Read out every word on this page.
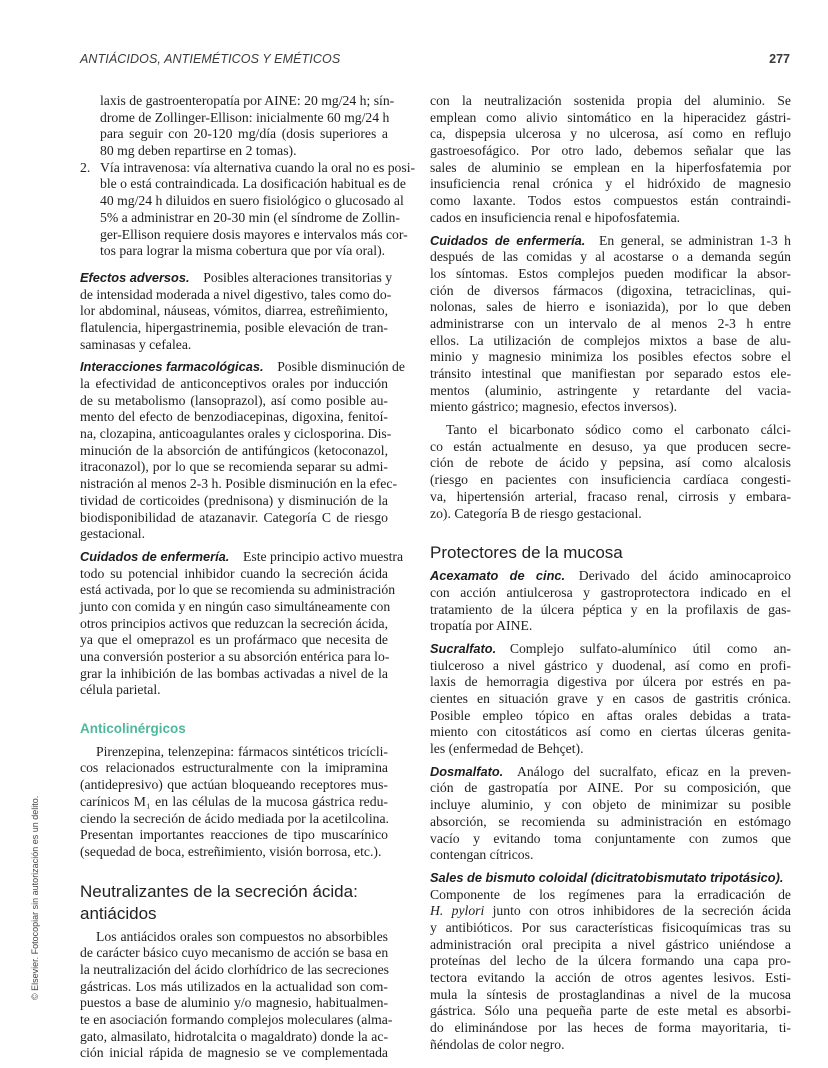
ANTIÁCIDOS, ANTIEMÉTICOS Y EMÉTICOS	277
© Elsevier. Fotocopiar sin autorización es un delito.
laxis de gastroenteropatía por AINE: 20 mg/24 h; sín-
drome de Zollinger-Ellison: inicialmente 60 mg/24 h
para seguir con 20-120 mg/día (dosis superiores a
80 mg deben repartirse en 2 tomas).
2. Vía intravenosa: vía alternativa cuando la oral no es posi-
ble o está contraindicada. La dosificación habitual es de
40 mg/24 h diluidos en suero fisiológico o glucosado al
5% a administrar en 20-30 min (el síndrome de Zollin-
ger-Ellison requiere dosis mayores e intervalos más cor-
tos para lograr la misma cobertura que por vía oral).
Efectos adversos.  Posibles alteraciones transitorias y
de intensidad moderada a nivel digestivo, tales como do-
lor abdominal, náuseas, vómitos, diarrea, estreñimiento,
flatulencia, hipergastrinemia, posible elevación de tran-
saminasas y cefalea.
Interacciones farmacológicas.  Posible disminución de
la efectividad de anticonceptivos orales por inducción
de su metabolismo (lansoprazol), así como posible au-
mento del efecto de benzodiacepinas, digoxina, fenitoí-
na, clozapina, anticoagulantes orales y ciclosporina. Dis-
minución de la absorción de antifúngicos (ketoconazol,
itraconazol), por lo que se recomienda separar su admi-
nistración al menos 2-3 h. Posible disminución en la efec-
tividad de corticoides (prednisona) y disminución de la
biodisponibilidad de atazanavir. Categoría C de riesgo
gestacional.
Cuidados de enfermería.  Este principio activo muestra
todo su potencial inhibidor cuando la secreción ácida
está activada, por lo que se recomienda su administración
junto con comida y en ningún caso simultáneamente con
otros principios activos que reduzcan la secreción ácida,
ya que el omeprazol es un profármaco que necesita de
una conversión posterior a su absorción entérica para lo-
grar la inhibición de las bombas activadas a nivel de la
célula parietal.
Anticolinérgicos
Pirenzepina, telenzepina: fármacos sintéticos tricícli-
cos relacionados estructuralmente con la imipramina
(antidepresivo) que actúan bloqueando receptores mus-
carínicos M₁ en las células de la mucosa gástrica redu-
ciendo la secreción de ácido mediada por la acetilcolina.
Presentan importantes reacciones de tipo muscarínico
(sequedad de boca, estreñimiento, visión borrosa, etc.).
Neutralizantes de la secreción ácida: antiácidos
Los antiácidos orales son compuestos no absorbibles
de carácter básico cuyo mecanismo de acción se basa en
la neutralización del ácido clorhídrico de las secreciones
gástricas. Los más utilizados en la actualidad son com-
puestos a base de aluminio y/o magnesio, habitualmen-
te en asociación formando complejos moleculares (alma-
gato, almasilato, hidrotalcita o magaldrato) donde la ac-
ción inicial rápida de magnesio se ve complementada
con la neutralización sostenida propia del aluminio. Se
emplean como alivio sintomático en la hiperacidez gástri-
ca, dispepsia ulcerosa y no ulcerosa, así como en reflujo
gastroesofágico. Por otro lado, debemos señalar que las
sales de aluminio se emplean en la hiperfosfatemia por
insuficiencia renal crónica y el hidróxido de magnesio
como laxante. Todos estos compuestos están contraindi-
cados en insuficiencia renal e hipofosfatemia.
Cuidados de enfermería.  En general, se administran 1-3 h
después de las comidas y al acostarse o a demanda según
los síntomas. Estos complejos pueden modificar la absor-
ción de diversos fármacos (digoxina, tetraciclinas, qui-
nolonas, sales de hierro e isoniazida), por lo que deben
administrarse con un intervalo de al menos 2-3 h entre
ellos. La utilización de complejos mixtos a base de alu-
minio y magnesio minimiza los posibles efectos sobre el
tránsito intestinal que manifiestan por separado estos ele-
mentos (aluminio, astringente y retardante del vacia-
miento gástrico; magnesio, efectos inversos).
Tanto el bicarbonato sódico como el carbonato cálci-
co están actualmente en desuso, ya que producen secre-
ción de rebote de ácido y pepsina, así como alcalosis
(riesgo en pacientes con insuficiencia cardíaca congesti-
va, hipertensión arterial, fracaso renal, cirrosis y embara-
zo). Categoría B de riesgo gestacional.
Protectores de la mucosa
Acexamato de cinc.  Derivado del ácido aminocaproico
con acción antiulcerosa y gastroprotectora indicado en el
tratamiento de la úlcera péptica y en la profilaxis de gas-
tropatía por AINE.
Sucralfato.  Complejo sulfato-alumínico útil como an-
tiulceroso a nivel gástrico y duodenal, así como en profi-
laxis de hemorragia digestiva por úlcera por estrés en pa-
cientes en situación grave y en casos de gastritis crónica.
Posible empleo tópico en aftas orales debidas a trata-
miento con citostáticos así como en ciertas úlceras genita-
les (enfermedad de Behçet).
Dosmalfato.  Análogo del sucralfato, eficaz en la preven-
ción de gastropatía por AINE. Por su composición, que
incluye aluminio, y con objeto de minimizar su posible
absorción, se recomienda su administración en estómago
vacío y evitando toma conjuntamente con zumos que
contengan cítricos.
Sales de bismuto coloidal (dicitratobismutato tripotásico).
Componente de los regímenes para la erradicación de
H. pylori junto con otros inhibidores de la secreción ácida
y antibióticos. Por sus características fisicoquímicas tras su
administración oral precipita a nivel gástrico uniéndose a
proteínas del lecho de la úlcera formando una capa pro-
tectora evitando la acción de otros agentes lesivos. Esti-
mula la síntesis de prostaglandinas a nivel de la mucosa
gástrica. Sólo una pequeña parte de este metal es absorbi-
do eliminándose por las heces de forma mayoritaria, ti-
ñéndolas de color negro.
